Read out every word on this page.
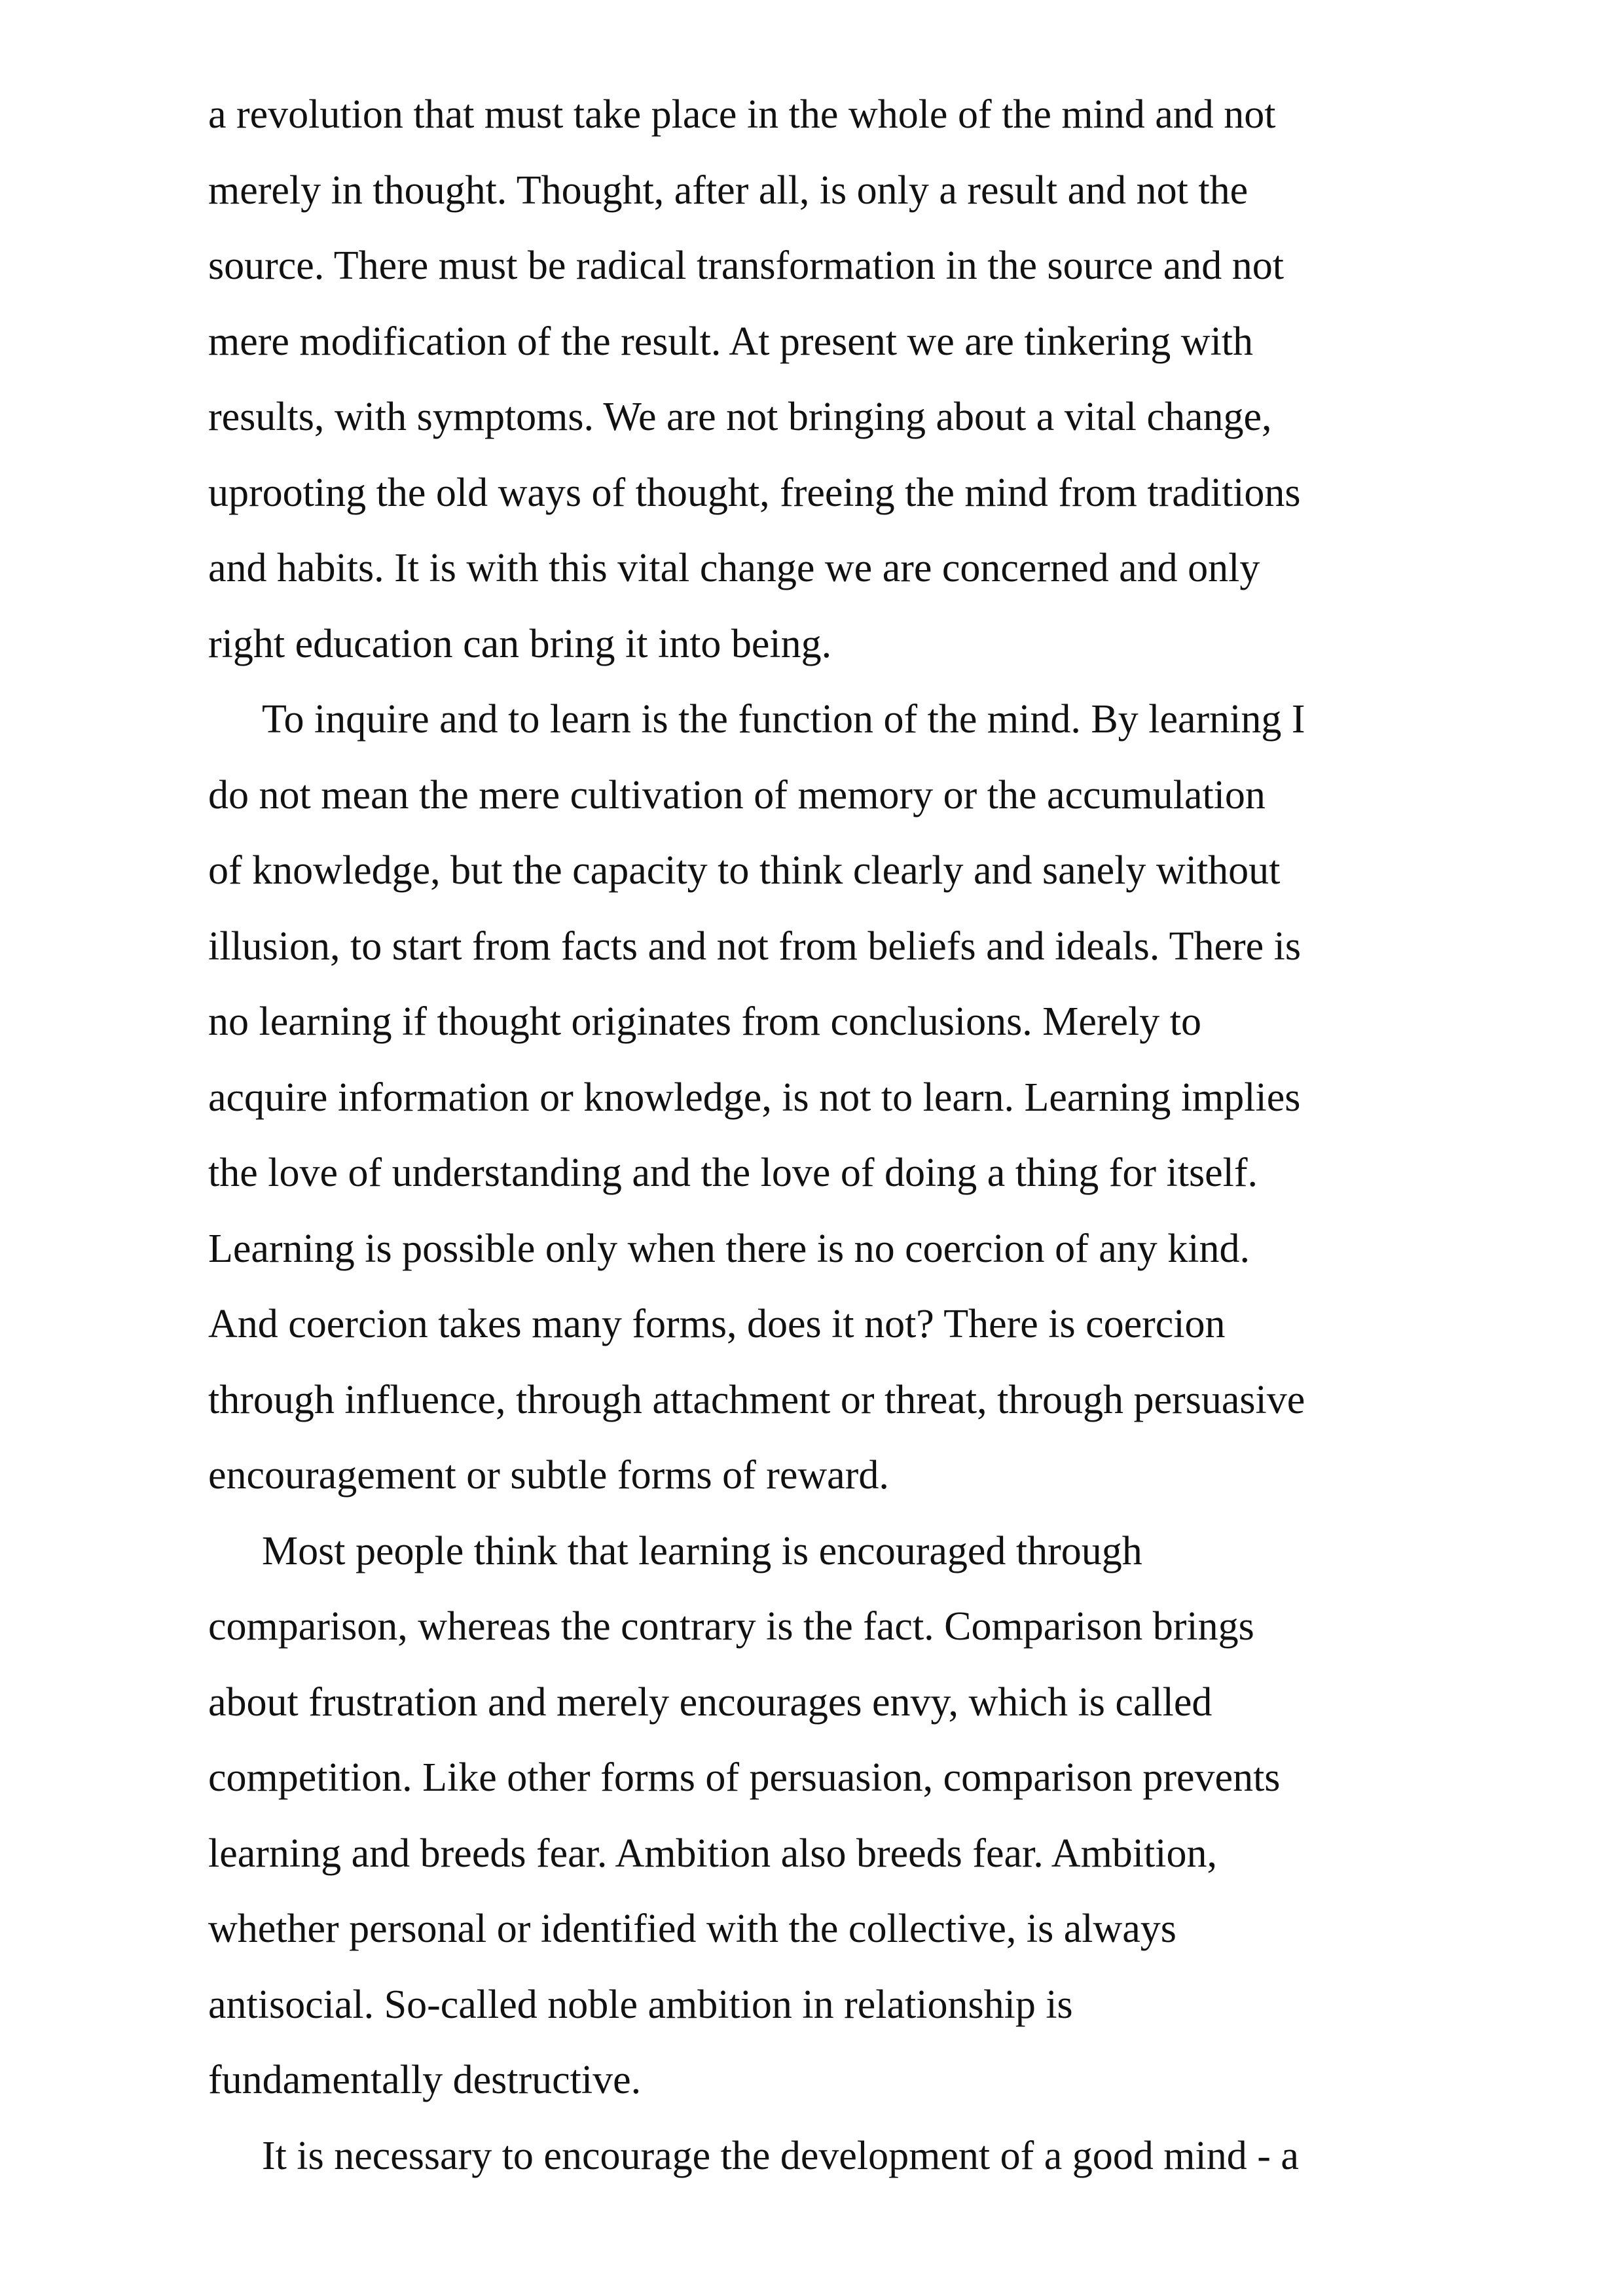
a revolution that must take place in the whole of the mind and not
merely in thought. Thought, after all, is only a result and not the
source. There must be radical transformation in the source and not
mere modification of the result. At present we are tinkering with
results, with symptoms. We are not bringing about a vital change,
uprooting the old ways of thought, freeing the mind from traditions
and habits. It is with this vital change we are concerned and only
right education can bring it into being.
To inquire and to learn is the function of the mind. By learning I
do not mean the mere cultivation of memory or the accumulation
of knowledge, but the capacity to think clearly and sanely without
illusion, to start from facts and not from beliefs and ideals. There is
no learning if thought originates from conclusions. Merely to
acquire information or knowledge, is not to learn. Learning implies
the love of understanding and the love of doing a thing for itself.
Learning is possible only when there is no coercion of any kind.
And coercion takes many forms, does it not? There is coercion
through influence, through attachment or threat, through persuasive
encouragement or subtle forms of reward.
Most people think that learning is encouraged through
comparison, whereas the contrary is the fact. Comparison brings
about frustration and merely encourages envy, which is called
competition. Like other forms of persuasion, comparison prevents
learning and breeds fear. Ambition also breeds fear. Ambition,
whether personal or identified with the collective, is always
antisocial. So-called noble ambition in relationship is
fundamentally destructive.
It is necessary to encourage the development of a good mind - a
